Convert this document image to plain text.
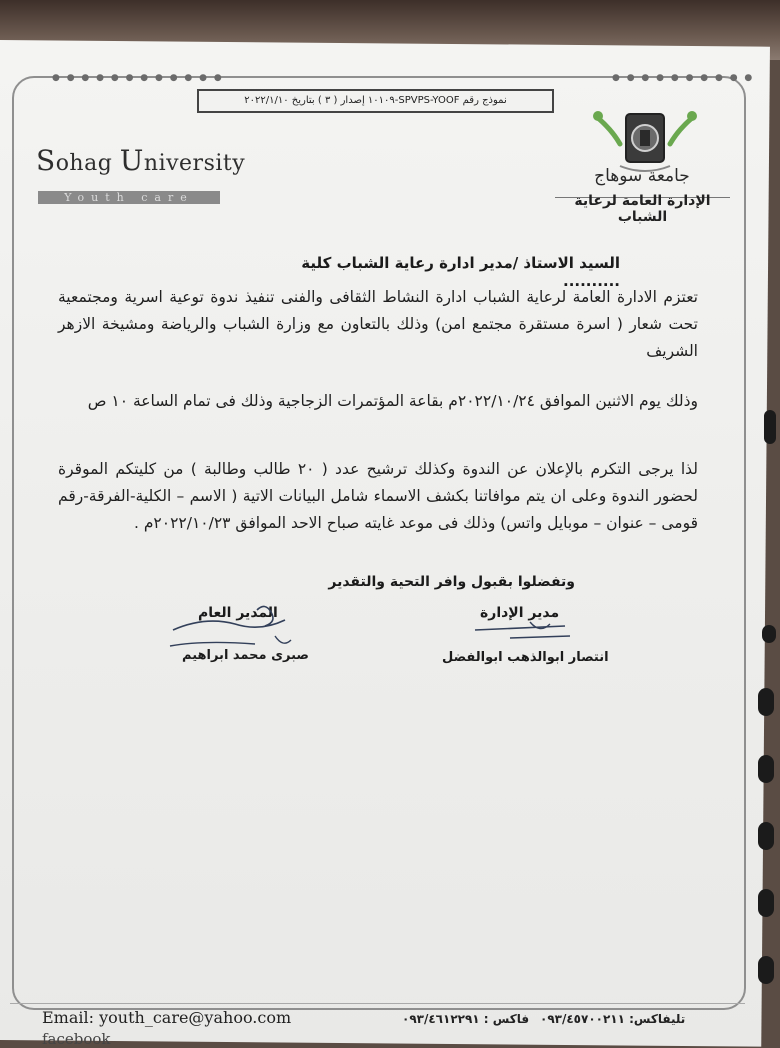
● ● ● ● ● ● ● ● ● ● ● ●	● ● ● ● ● ● ● ● ● ●
نموذج رقم SPVPS-YOOF-١٠١٠٩ إصدار ( ٣ ) بتاريخ ٢٠٢٢/١/١٠
Sohag University
Youth care
جامعة سوهاج
الإدارة العامة لرعاية الشباب
السيد الاستاذ /مدير ادارة رعاية الشباب كلية ..........
تعتزم الادارة العامة لرعاية الشباب ادارة النشاط الثقافى والفنى تنفيذ ندوة توعية اسرية ومجتمعية تحت شعار ( اسرة مستقرة مجتمع امن) وذلك بالتعاون مع وزارة الشباب والرياضة ومشيخة الازهر الشريف
وذلك يوم الاثنين الموافق ٢٠٢٢/١٠/٢٤م بقاعة المؤتمرات الزجاجية وذلك فى تمام الساعة ١٠ ص
لذا يرجى التكرم بالإعلان عن الندوة وكذلك ترشيح عدد ( ٢٠ طالب وطالبة ) من كليتكم الموقرة لحضور الندوة وعلى ان يتم موافاتنا بكشف الاسماء شامل البيانات الاتية ( الاسم – الكلية-الفرقة-رقم قومى – عنوان – موبايل واتس) وذلك فى موعد غايته صباح الاحد الموافق ٢٠٢٢/١٠/٢٣م .
وتفضلوا بقبول وافر التحية والتقدير
المدير العام
صبرى محمد ابراهيم
مدير الإدارة
انتصار ابوالذهب ابوالفضل
Email: youth_care@yahoo.com
facebook
تليفاكس: ٠٩٣/٤٥٧٠٠٢١١
فاكس : ٠٩٣/٤٦١٢٢٩١
